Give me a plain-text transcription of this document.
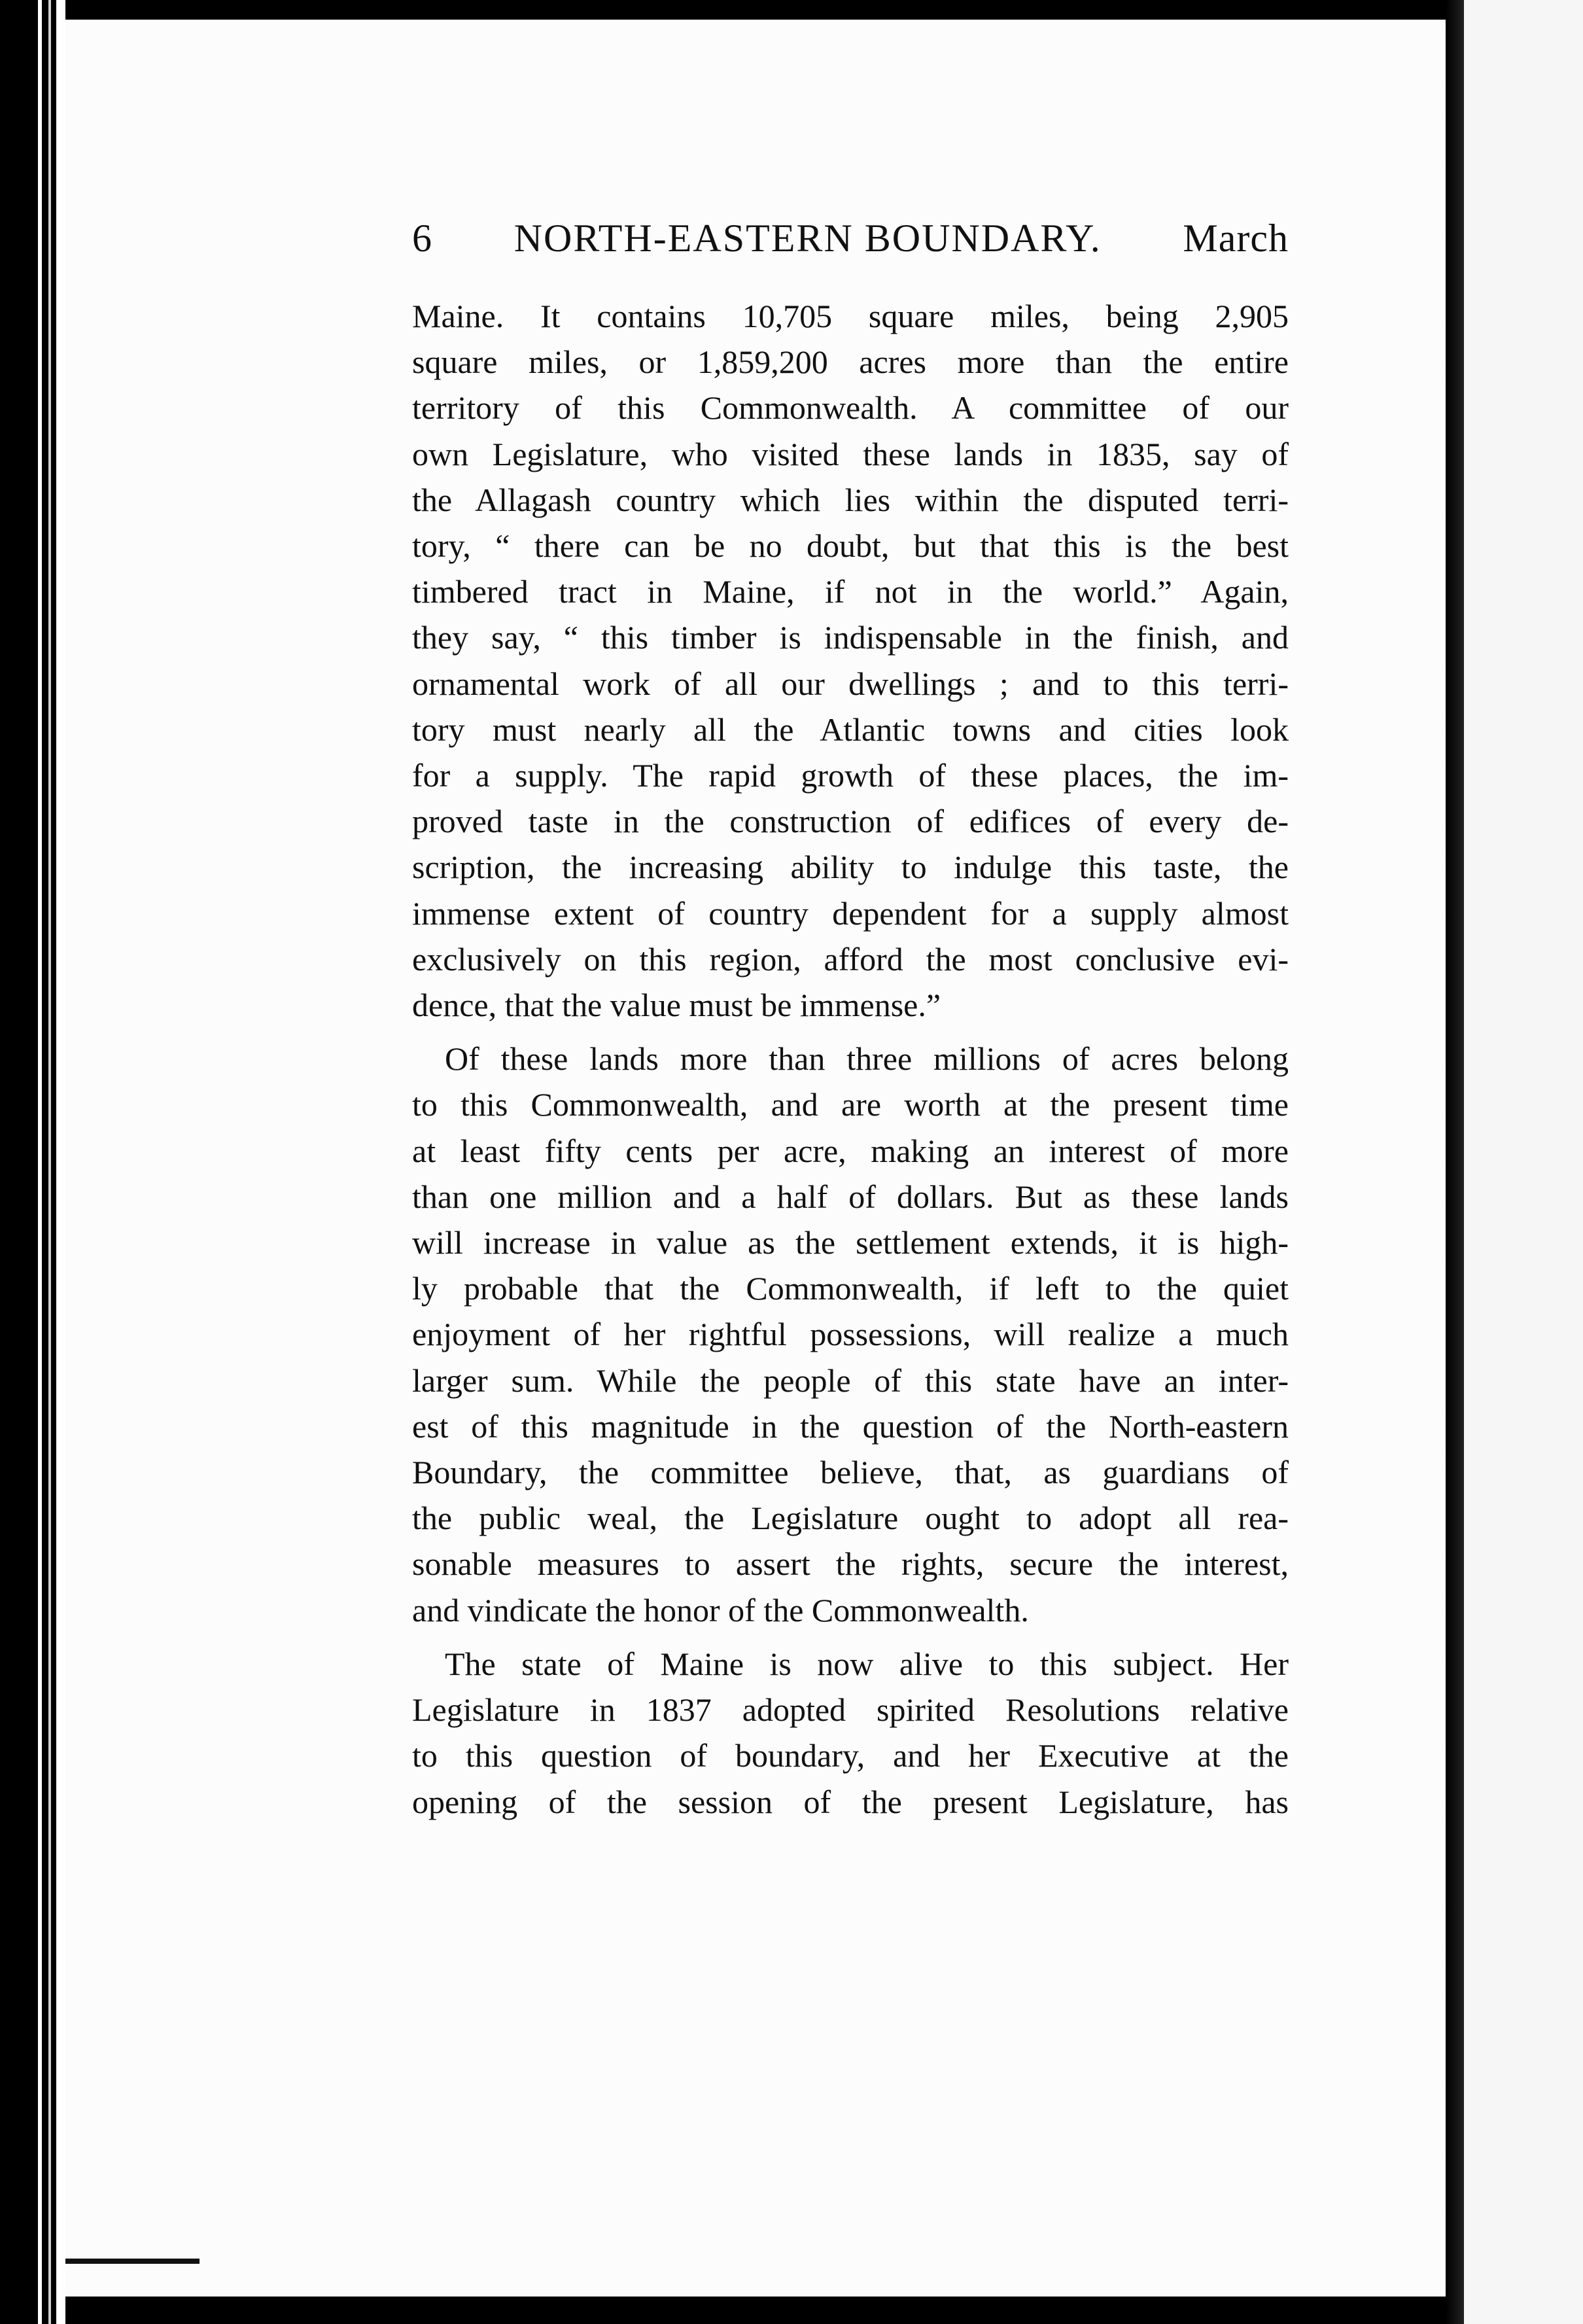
6 NORTH-EASTERN BOUNDARY. March

Maine. It contains 10,705 square miles, being 2,905

square miles, or 1,859,200 acres more than the entire

territory of this Commonwealth. A committee of our

own Legislature, who visited these lands in 1835, say of

the Allagash country which lies within the disputed terri-

tory, “ there can be no doubt, but that this is the best

timbered tract in Maine, if not in the world.” Again,

they say, “ this timber is indispensable in the finish, and

ornamental work of all our dwellings ; and to this terri-

tory must nearly all the Atlantic towns and cities look

for a supply. The rapid growth of these places, the im-

proved taste in the construction of edifices of every de-

scription, the increasing ability to indulge this taste, the

immense extent of country dependent for a supply almost

exclusively on this region, afford the most conclusive evi-

dence, that the value must be immense.”

Of these lands more than three millions of acres belong

to this Commonwealth, and are worth at the present time

at least fifty cents per acre, making an interest of more

than one million and a half of dollars. But as these lands

will increase in value as the settlement extends, it is high-

ly probable that the Commonwealth, if left to the quiet

enjoyment of her rightful possessions, will realize a much

larger sum. While the people of this state have an inter-

est of this magnitude in the question of the North-eastern

Boundary, the committee believe, that, as guardians of

the public weal, the Legislature ought to adopt all rea-

sonable measures to assert the rights, secure the interest,

and vindicate the honor of the Commonwealth.

The state of Maine is now alive to this subject. Her

Legislature in 1837 adopted spirited Resolutions relative

to this question of boundary, and her Executive at the

opening of the session of the present Legislature, has
